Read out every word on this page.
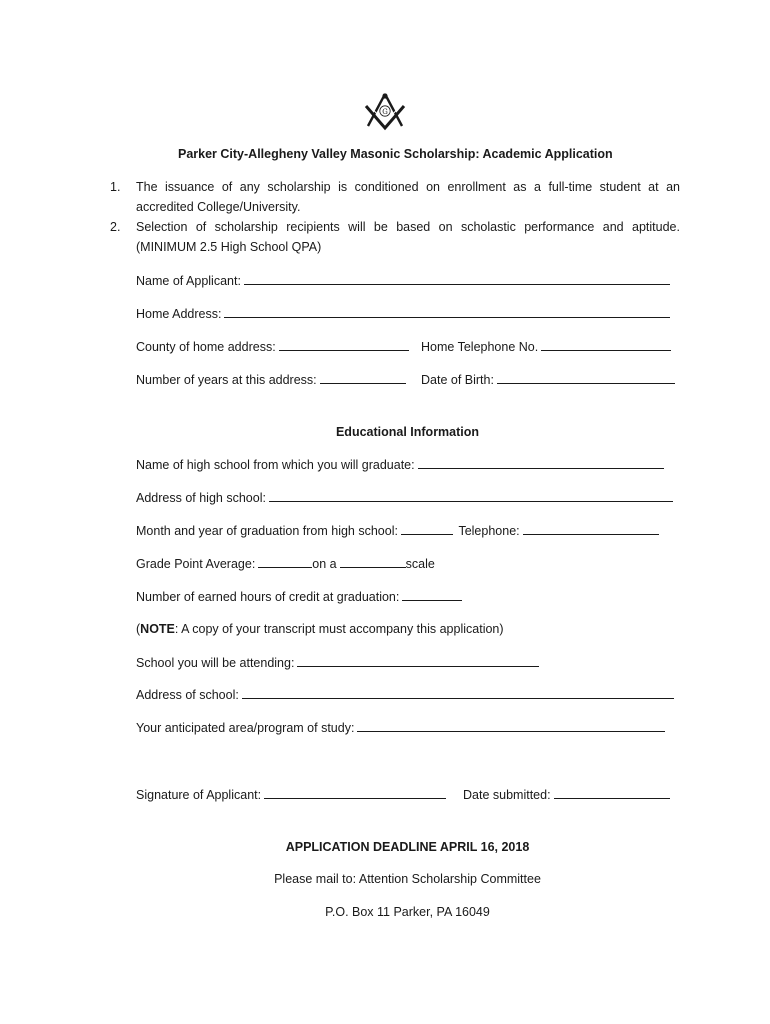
G
Parker City-Allegheny Valley Masonic Scholarship: Academic Application
1. The issuance of any scholarship is conditioned on enrollment as a full-time student at an
accredited College/University.
2. Selection of scholarship recipients will be based on scholastic performance and aptitude.
(MINIMUM 2.5 High School QPA)
Name of Applicant:
Home Address:
County of home address:	Home Telephone No.
Number of years at this address:	Date of Birth:
Educational Information
Name of high school from which you will graduate:
Address of high school:
Month and year of graduation from high school:	Telephone:
Grade Point Average:	on a	scale
Number of earned hours of credit at graduation:
(NOTE: A copy of your transcript must accompany this application)
School you will be attending:
Address of school:
Your anticipated area/program of study:
Signature of Applicant:	Date submitted:
APPLICATION DEADLINE APRIL 16, 2018
Please mail to: Attention Scholarship Committee
P.O. Box 11 Parker, PA 16049
